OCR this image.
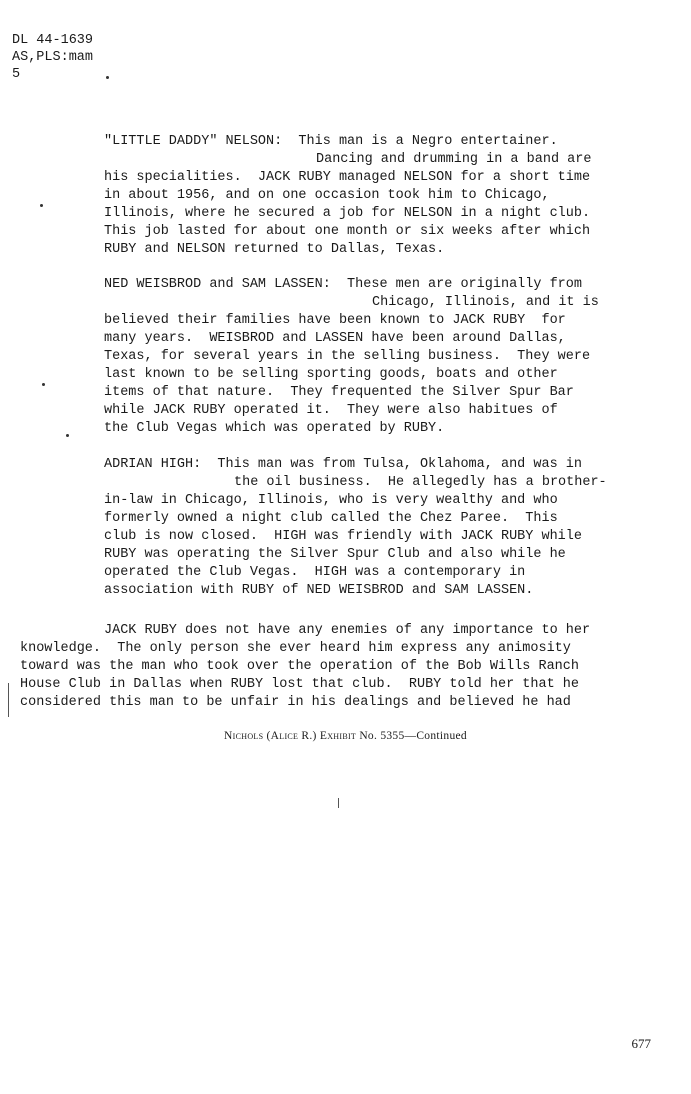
DL 44-1639
AS,PLS:mam
5
"LITTLE DADDY" NELSON:  This man is a Negro entertainer.
Dancing and drumming in a band are
his specialities.  JACK RUBY managed NELSON for a short time
in about 1956, and on one occasion took him to Chicago,
Illinois, where he secured a job for NELSON in a night club.
This job lasted for about one month or six weeks after which
RUBY and NELSON returned to Dallas, Texas.
NED WEISBROD and SAM LASSEN:  These men are originally from
Chicago, Illinois, and it is
believed their families have been known to JACK RUBY  for
many years.  WEISBROD and LASSEN have been around Dallas,
Texas, for several years in the selling business.  They were
last known to be selling sporting goods, boats and other
items of that nature.  They frequented the Silver Spur Bar
while JACK RUBY operated it.  They were also habitues of
the Club Vegas which was operated by RUBY.
ADRIAN HIGH:  This man was from Tulsa, Oklahoma, and was in
the oil business.  He allegedly has a brother-
in-law in Chicago, Illinois, who is very wealthy and who
formerly owned a night club called the Chez Paree.  This
club is now closed.  HIGH was friendly with JACK RUBY while
RUBY was operating the Silver Spur Club and also while he
operated the Club Vegas.  HIGH was a contemporary in
association with RUBY of NED WEISBROD and SAM LASSEN.
JACK RUBY does not have any enemies of any importance to her
knowledge.  The only person she ever heard him express any animosity
toward was the man who took over the operation of the Bob Wills Ranch
House Club in Dallas when RUBY lost that club.  RUBY told her that he
considered this man to be unfair in his dealings and believed he had
Nichols (Alice R.) Exhibit No. 5355—Continued
677
